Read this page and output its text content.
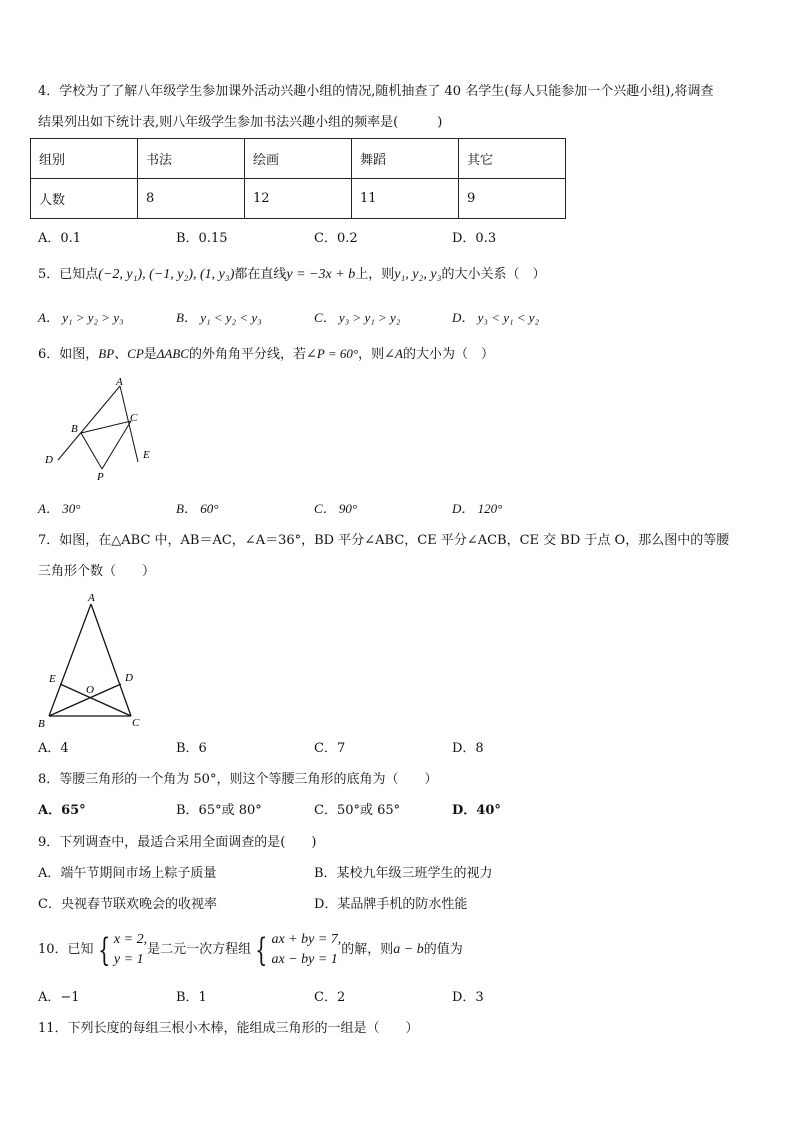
4．学校为了了解八年级学生参加课外活动兴趣小组的情况,随机抽查了 40 名学生(每人只能参加一个兴趣小组),将调查
结果列出如下统计表,则八年级学生参加书法兴趣小组的频率是(　　　)
组别	书法	绘画	舞蹈	其它
人数	8	12	11	9
A．0.1	B．0.15	C．0.2	D．0.3
5．已知点(−2, y₁), (−1, y₂), (1, y₃)都在直线y = −3x + b上，则y₁, y₂, y₃的大小关系（　）
A． y₁ > y₂ > y₃	B． y₁ < y₂ < y₃	C． y₃ > y₁ > y₂	D． y₃ < y₁ < y₂
6．如图，BP、CP是ΔABC的外角角平分线，若∠P = 60°，则∠A的大小为（　）
A
B
C
D	E
P
A． 30°	B． 60°	C． 90°	D． 120°
7．如图，在△ABC 中，AB＝AC，∠A＝36°，BD 平分∠ABC，CE 平分∠ACB，CE 交 BD 于点 O，那么图中的等腰
三角形个数（　　）
A
E	D
O
B	C
A．4	B．6	C．7	D．8
8．等腰三角形的一个角为 50°，则这个等腰三角形的底角为（　　）
A．65°	B．65°或 80°	C．50°或 65°	D．40°
9．下列调查中，最适合采用全面调查的是(　　)
A．端午节期间市场上粽子质量	B．某校九年级三班学生的视力
C．央视春节联欢晚会的收视率	D．某品牌手机的防水性能
10．已知 { x = 2,
y = 1
是二元一次方程组 { ax + by = 7,
ax − by = 1
的解，则a − b的值为
A．−1	B．1	C．2	D．3
11．下列长度的每组三根小木棒，能组成三角形的一组是（　　）
